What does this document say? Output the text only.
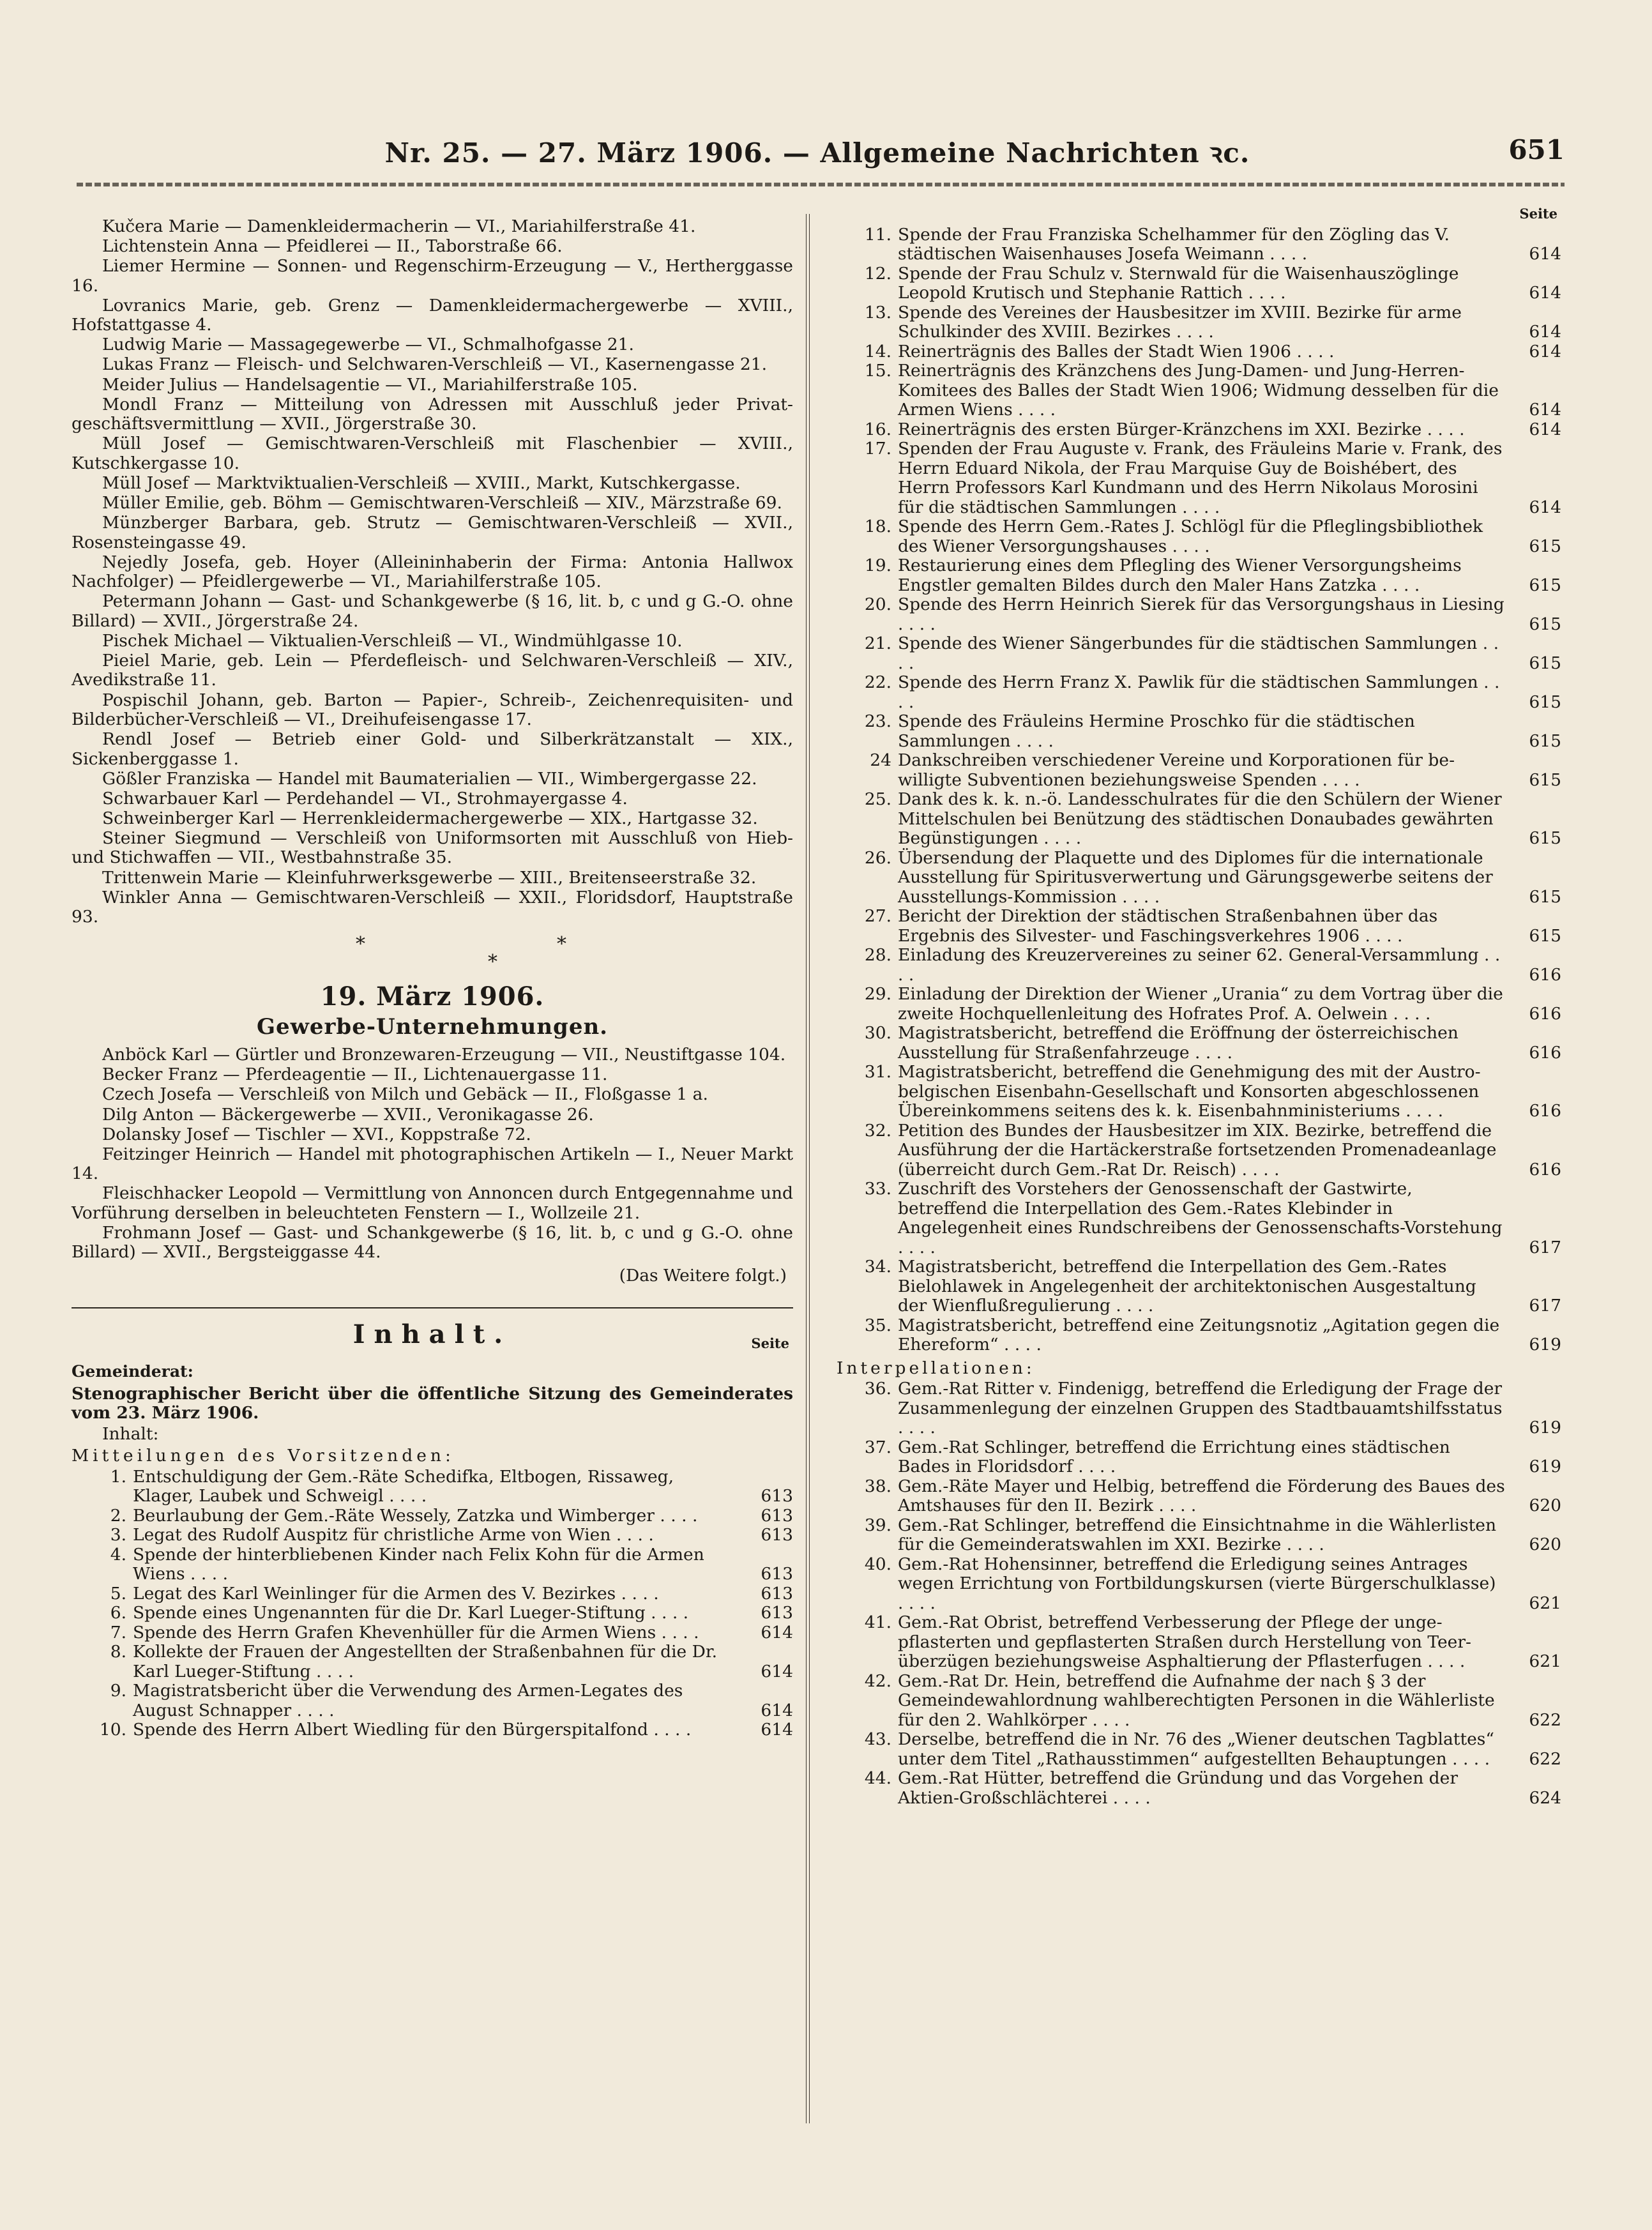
Nr. 25. — 27. März 1906. — Allgemeine Nachrichten ꝛc.	651
Kučera Marie — Damenkleidermacherin — VI., Mariahilferstraße 41.
Lichtenstein Anna — Pfeidlerei — II., Taborstraße 66.
Liemer Hermine — Sonnen- und Regenschirm-Erzeugung — V., Hertherggasse 16.
Lovranics Marie, geb. Grenz — Damenkleidermachergewerbe — XVIII., Hofstattgasse 4.
Ludwig Marie — Massagegewerbe — VI., Schmalhofgasse 21.
Lukas Franz — Fleisch- und Selchwaren-Verschleiß — VI., Kasernengasse 21.
Meider Julius — Handelsagentie — VI., Mariahilferstraße 105.
Mondl Franz — Mitteilung von Adressen mit Ausschluß jeder Privatgeschäftsvermittlung — XVII., Jörgerstraße 30.
Müll Josef — Gemischtwaren-Verschleiß mit Flaschenbier — XVIII., Kutschkergasse 10.
Müll Josef — Marktviktualien-Verschleiß — XVIII., Markt, Kutschkergasse.
Müller Emilie, geb. Böhm — Gemischtwaren-Verschleiß — XIV., Märzstraße 69.
Münzberger Barbara, geb. Strutz — Gemischtwaren-Verschleiß — XVII., Rosensteingasse 49.
Nejedly Josefa, geb. Hoyer (Alleininhaberin der Firma: Antonia Hallwox Nachfolger) — Pfeidlergewerbe — VI., Mariahilferstraße 105.
Petermann Johann — Gast- und Schankgewerbe (§ 16, lit. b, c und g G.-O. ohne Billard) — XVII., Jörgerstraße 24.
Pischek Michael — Viktualien-Verschleiß — VI., Windmühlgasse 10.
Pieiel Marie, geb. Lein — Pferdefleisch- und Selchwaren-Verschleiß — XIV., Avedikstraße 11.
Pospischil Johann, geb. Barton — Papier-, Schreib-, Zeichenrequisiten- und Bilderbücher-Verschleiß — VI., Dreihufeisengasse 17.
Rendl Josef — Betrieb einer Gold- und Silberkrätzanstalt — XIX., Sickenberggasse 1.
Gößler Franziska — Handel mit Baumaterialien — VII., Wimbergergasse 22.
Schwarbauer Karl — Perdehandel — VI., Strohmayergasse 4.
Schweinberger Karl — Herrenkleidermachergewerbe — XIX., Hartgasse 32.
Steiner Siegmund — Verschleiß von Uniformsorten mit Ausschluß von Hieb- und Stichwaffen — VII., Westbahnstraße 35.
Trittenwein Marie — Kleinfuhrwerksgewerbe — XIII., Breitenseerstraße 32.
Winkler Anna — Gemischtwaren-Verschleiß — XXII., Floridsdorf, Hauptstraße 93.
*
*
*
19. März 1906.
Gewerbe-Unternehmungen.
Anböck Karl — Gürtler und Bronzewaren-Erzeugung — VII., Neustiftgasse 104.
Becker Franz — Pferdeagentie — II., Lichtenauergasse 11.
Czech Josefa — Verschleiß von Milch und Gebäck — II., Floßgasse 1 a.
Dilg Anton — Bäckergewerbe — XVII., Veronikagasse 26.
Dolansky Josef — Tischler — XVI., Koppstraße 72.
Feitzinger Heinrich — Handel mit photographischen Artikeln — I., Neuer Markt 14.
Fleischhacker Leopold — Vermittlung von Annoncen durch Entgegennahme und Vorführung derselben in beleuchteten Fenstern — I., Wollzeile 21.
Frohmann Josef — Gast- und Schankgewerbe (§ 16, lit. b, c und g G.-O. ohne Billard) — XVII., Bergsteiggasse 44.
(Das Weitere folgt.)
Inhalt.	Seite
Gemeinderat:
Stenographischer Bericht über die öffentliche Sitzung des Gemeinderates vom 23. März 1906.
Inhalt:
Mitteilungen des Vorsitzenden:
1. Entschuldigung der Gem.-Räte Schedifka, Eltbogen, Rissaweg, Klager, Laubek und Schweigl . . . .	613
2. Beurlaubung der Gem.-Räte Wessely, Zatzka und Wimberger . . . .	613
3. Legat des Rudolf Auspitz für christliche Arme von Wien . . . .	613
4. Spende der hinterbliebenen Kinder nach Felix Kohn für die Armen Wiens . . . .	613
5. Legat des Karl Weinlinger für die Armen des V. Bezirkes . . . .	613
6. Spende eines Ungenannten für die Dr. Karl Lueger-Stiftung . . . .	613
7. Spende des Herrn Grafen Khevenhüller für die Armen Wiens . . . .	614
8. Kollekte der Frauen der Angestellten der Straßenbahnen für die Dr. Karl Lueger-Stiftung . . . .	614
9. Magistratsbericht über die Verwendung des Armen-Legates des August Schnapper . . . .	614
10. Spende des Herrn Albert Wiedling für den Bürgerspitalfond . . . .	614
Seite
11. Spende der Frau Franziska Schelhammer für den Zögling das V. städtischen Waisenhauses Josefa Weimann . . . .	614
12. Spende der Frau Schulz v. Sternwald für die Waisenhauszöglinge Leopold Krutisch und Stephanie Rattich . . . .	614
13. Spende des Vereines der Hausbesitzer im XVIII. Bezirke für arme Schulkinder des XVIII. Bezirkes . . . .	614
14. Reinerträgnis des Balles der Stadt Wien 1906 . . . .	614
15. Reinerträgnis des Kränzchens des Jung-Damen- und Jung-Herren-Komitees des Balles der Stadt Wien 1906; Widmung desselben für die Armen Wiens . . . .	614
16. Reinerträgnis des ersten Bürger-Kränzchens im XXI. Bezirke . . . .	614
17. Spenden der Frau Auguste v. Frank, des Fräuleins Marie v. Frank, des Herrn Eduard Nikola, der Frau Marquise Guy de Boishébert, des Herrn Professors Karl Kundmann und des Herrn Nikolaus Morosini für die städtischen Sammlungen . . . .	614
18. Spende des Herrn Gem.-Rates J. Schlögl für die Pfleglingsbibliothek des Wiener Versorgungshauses . . . .	615
19. Restaurierung eines dem Pflegling des Wiener Versorgungsheims Engstler gemalten Bildes durch den Maler Hans Zatzka . . . .	615
20. Spende des Herrn Heinrich Sierek für das Versorgungshaus in Liesing . . . .	615
21. Spende des Wiener Sängerbundes für die städtischen Sammlungen . . . .	615
22. Spende des Herrn Franz X. Pawlik für die städtischen Sammlungen . . . .	615
23. Spende des Fräuleins Hermine Proschko für die städtischen Sammlungen . . . .	615
24 Dankschreiben verschiedener Vereine und Korporationen für bewilligte Subventionen beziehungsweise Spenden . . . .	615
25. Dank des k. k. n.-ö. Landesschulrates für die den Schülern der Wiener Mittelschulen bei Benützung des städtischen Donaubades gewährten Begünstigungen . . . .	615
26. Übersendung der Plaquette und des Diplomes für die internationale Ausstellung für Spiritusverwertung und Gärungsgewerbe seitens der Ausstellungs-Kommission . . . .	615
27. Bericht der Direktion der städtischen Straßenbahnen über das Ergebnis des Silvester- und Faschingsverkehres 1906 . . . .	615
28. Einladung des Kreuzervereines zu seiner 62. General-Versammlung . . . .	616
29. Einladung der Direktion der Wiener „Urania“ zu dem Vortrag über die zweite Hochquellenleitung des Hofrates Prof. A. Oelwein . . . .	616
30. Magistratsbericht, betreffend die Eröffnung der österreichischen Ausstellung für Straßenfahrzeuge . . . .	616
31. Magistratsbericht, betreffend die Genehmigung des mit der Austro-belgischen Eisenbahn-Gesellschaft und Konsorten abgeschlossenen Übereinkommens seitens des k. k. Eisenbahnministeriums . . . .	616
32. Petition des Bundes der Hausbesitzer im XIX. Bezirke, betreffend die Ausführung der die Hartäckerstraße fortsetzenden Promenadeanlage (überreicht durch Gem.-Rat Dr. Reisch) . . . .	616
33. Zuschrift des Vorstehers der Genossenschaft der Gastwirte, betreffend die Interpellation des Gem.-Rates Klebinder in Angelegenheit eines Rundschreibens der Genossenschafts-Vorstehung . . . .	617
34. Magistratsbericht, betreffend die Interpellation des Gem.-Rates Bielohlawek in Angelegenheit der architektonischen Ausgestaltung der Wienflußregulierung . . . .	617
35. Magistratsbericht, betreffend eine Zeitungsnotiz „Agitation gegen die Ehereform“ . . . .	619
Interpellationen:
36. Gem.-Rat Ritter v. Findenigg, betreffend die Erledigung der Frage der Zusammenlegung der einzelnen Gruppen des Stadtbauamtshilfsstatus . . . .	619
37. Gem.-Rat Schlinger, betreffend die Errichtung eines städtischen Bades in Floridsdorf . . . .	619
38. Gem.-Räte Mayer und Helbig, betreffend die Förderung des Baues des Amtshauses für den II. Bezirk . . . .	620
39. Gem.-Rat Schlinger, betreffend die Einsichtnahme in die Wählerlisten für die Gemeinderatswahlen im XXI. Bezirke . . . .	620
40. Gem.-Rat Hohensinner, betreffend die Erledigung seines Antrages wegen Errichtung von Fortbildungskursen (vierte Bürgerschulklasse) . . . .	621
41. Gem.-Rat Obrist, betreffend Verbesserung der Pflege der ungepflasterten und gepflasterten Straßen durch Herstellung von Teerüberzügen beziehungsweise Asphaltierung der Pflasterfugen . . . .	621
42. Gem.-Rat Dr. Hein, betreffend die Aufnahme der nach § 3 der Gemeindewahlordnung wahlberechtigten Personen in die Wählerliste für den 2. Wahlkörper . . . .	622
43. Derselbe, betreffend die in Nr. 76 des „Wiener deutschen Tagblattes“ unter dem Titel „Rathausstimmen“ aufgestellten Behauptungen . . . .	622
44. Gem.-Rat Hütter, betreffend die Gründung und das Vorgehen der Aktien-Großschlächterei . . . .	624
